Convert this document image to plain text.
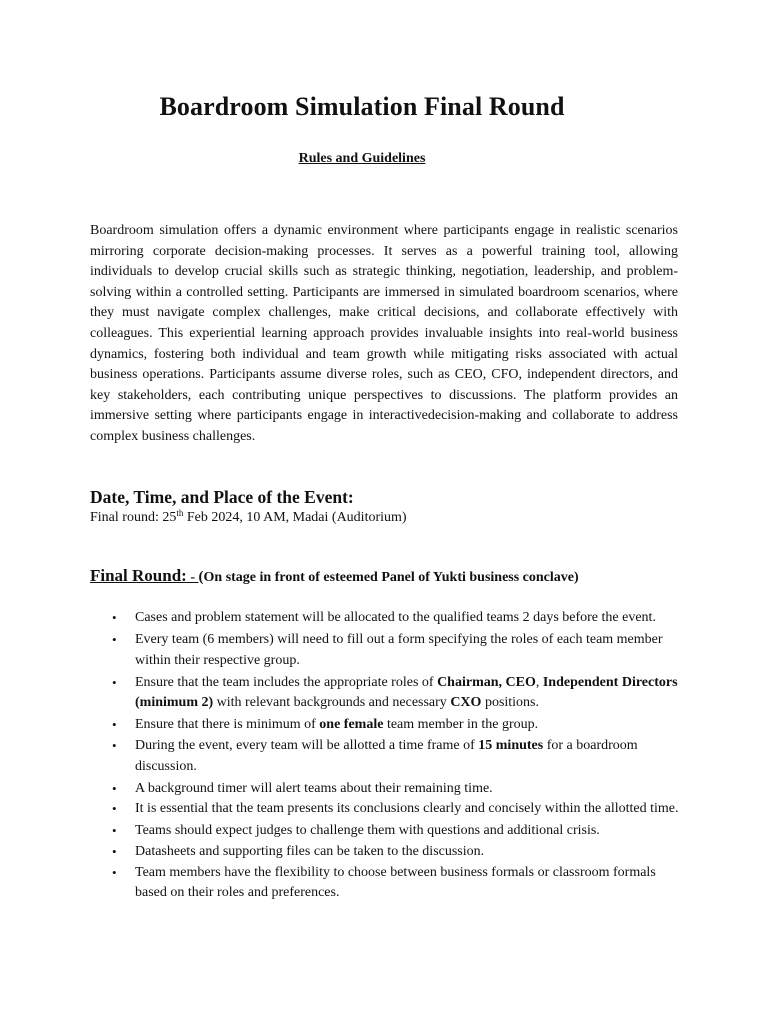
Boardroom Simulation Final Round
Rules and Guidelines

Boardroom simulation offers a dynamic environment where participants engage in realistic scenarios mirroring corporate decision-making processes. It serves as a powerful training tool, allowing individuals to develop crucial skills such as strategic thinking, negotiation, leadership, and problem-solving within a controlled setting. Participants are immersed in simulated boardroom scenarios, where they must navigate complex challenges, make critical decisions, and collaborate effectively with colleagues. This experiential learning approach provides invaluable insights into real-world business dynamics, fostering both individual and team growth while mitigating risks associated with actual business operations. Participants assume diverse roles, such as CEO, CFO, independent directors, and key stakeholders, each contributing unique perspectives to discussions. The platform provides an immersive setting where participants engage in interactivedecision-making and collaborate to address complex business challenges.

Date, Time, and Place of the Event:

Final round: 25th Feb 2024, 10 AM, Madai (Auditorium)

Final Round: - (On stage in front of esteemed Panel of Yukti business conclave)

• Cases and problem statement will be allocated to the qualified teams 2 days before the event.
• Every team (6 members) will need to fill out a form specifying the roles of each team member within their respective group.
• Ensure that the team includes the appropriate roles of Chairman, CEO, Independent Directors (minimum 2) with relevant backgrounds and necessary CXO positions.
• Ensure that there is minimum of one female team member in the group.
• During the event, every team will be allotted a time frame of 15 minutes for a boardroom discussion.
• A background timer will alert teams about their remaining time.
• It is essential that the team presents its conclusions clearly and concisely within the allotted time.
• Teams should expect judges to challenge them with questions and additional crisis.
• Datasheets and supporting files can be taken to the discussion.
• Team members have the flexibility to choose between business formals or classroom formals based on their roles and preferences.
